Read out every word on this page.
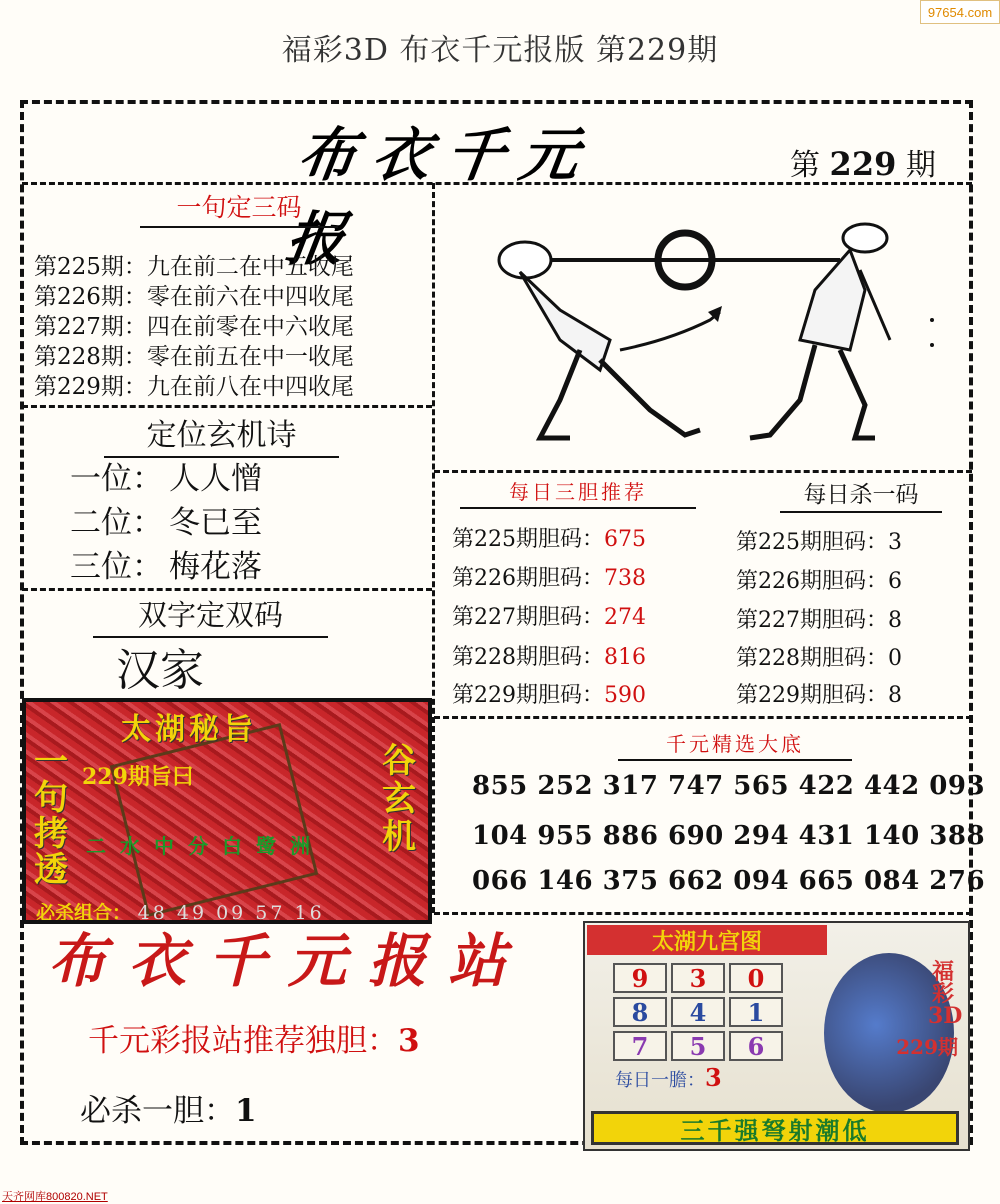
97654.com
福彩3D 布衣千元报版 第229期
布衣千元报
第 229 期
一句定三码
第225期：九在前二在中五收尾
第226期：零在前六在中四收尾
第227期：四在前零在中六收尾
第228期：零在前五在中一收尾
第229期：九在前八在中四收尾
定位玄机诗
一位： 人人憎
二位： 冬已至
三位： 梅花落
双字定双码
汉家
每日三胆推荐
第225期胆码：675
第226期胆码：738
第227期胆码：274
第228期胆码：816
第229期胆码：590
每日杀一码
第225期胆码：3
第226期胆码：6
第227期胆码：8
第228期胆码：0
第229期胆码：8
千元精选大底
855 252 317 747 565 422 442 093
104 955 886 690 294 431 140 388
066 146 375 662 094 665 084 276
太湖秘旨
一句拷透
谷玄机
229期旨曰
二水中分白鹭洲
必杀组合： 48 49 09 57 16
布衣千元报站
千元彩报站推荐独胆：3
必杀一胆：1
太湖九宫图
9	3	0
8	4	1
7	5	6
福彩3D
229期
每日一膽：3
三千强弩射潮低
天齐网库800820.NET
